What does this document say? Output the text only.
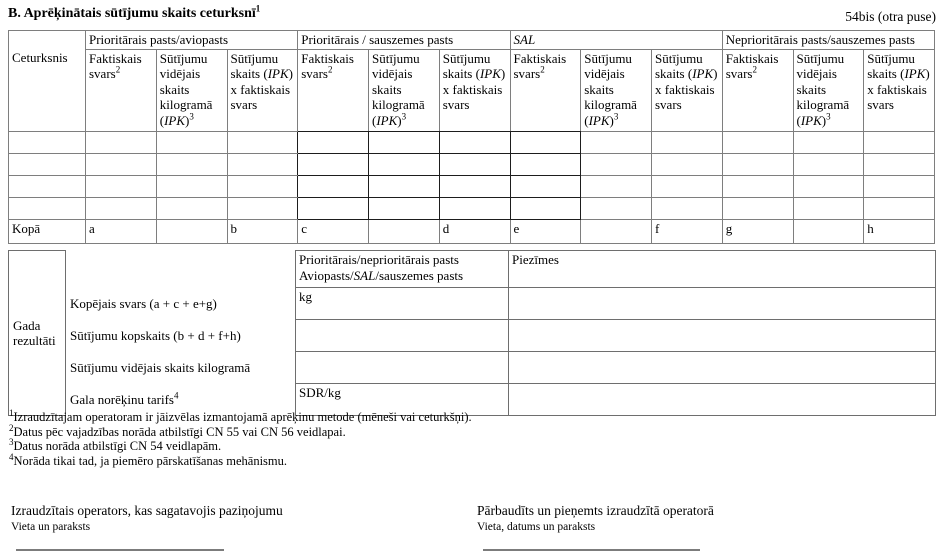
B. Aprēķinātais sūtījumu skaits ceturksnī$^1$
54bis (otra puse)
Ceturksnis	Prioritārais pasts/aviopasts			Prioritārais / sauszemes pasts			SAL			Neprioritārais pasts/sauszemes pasts		
	Faktiskais svars$^2$	Sūtījumu vidējais skaits kilogramā (IPK)$^3$	Sūtījumu skaits (IPK) x faktiskais svars	Faktiskais svars$^2$	Sūtījumu vidējais skaits kilogramā (IPK)$^3$	Sūtījumu skaits (IPK) x faktiskais svars	Faktiskais svars$^2$	Sūtījumu vidējais skaits kilogramā (IPK)$^3$	Sūtījumu skaits (IPK) x faktiskais svars	Faktiskais svars$^2$	Sūtījumu vidējais skaits kilogramā (IPK)$^3$	Sūtījumu skaits (IPK) x faktiskais svars

Kopā	a		b	c		d	e		f	g		h
Gada rezultāti		Prioritārais/neprioritārais pasts
Aviopasts/SAL/sauszemes pasts	Piezīmes
	Kopējais svars (a + c + e+g)	kg	
	Sūtījumu kopskaits (b + d + f+h)		
	Sūtījumu vidējais skaits kilogramā		
	Gala norēķinu tarifs$^4$	SDR/kg	
$^1$Izraudzītajam operatoram ir jāizvēlas izmantojamā aprēķinu metode (mēneši vai ceturkšņi).
$^2$Datus pēc vajadzības norāda atbilstīgi CN 55 vai CN 56 veidlapai.
$^3$Datus norāda atbilstīgi CN 54 veidlapām.
$^4$Norāda tikai tad, ja piemēro pārskatīšanas mehānismu.
Izraudzītais operators, kas sagatavojis paziņojumu
Vieta un paraksts
Pārbaudīts un pieņemts izraudzītā operatorā
Vieta, datums un paraksts
